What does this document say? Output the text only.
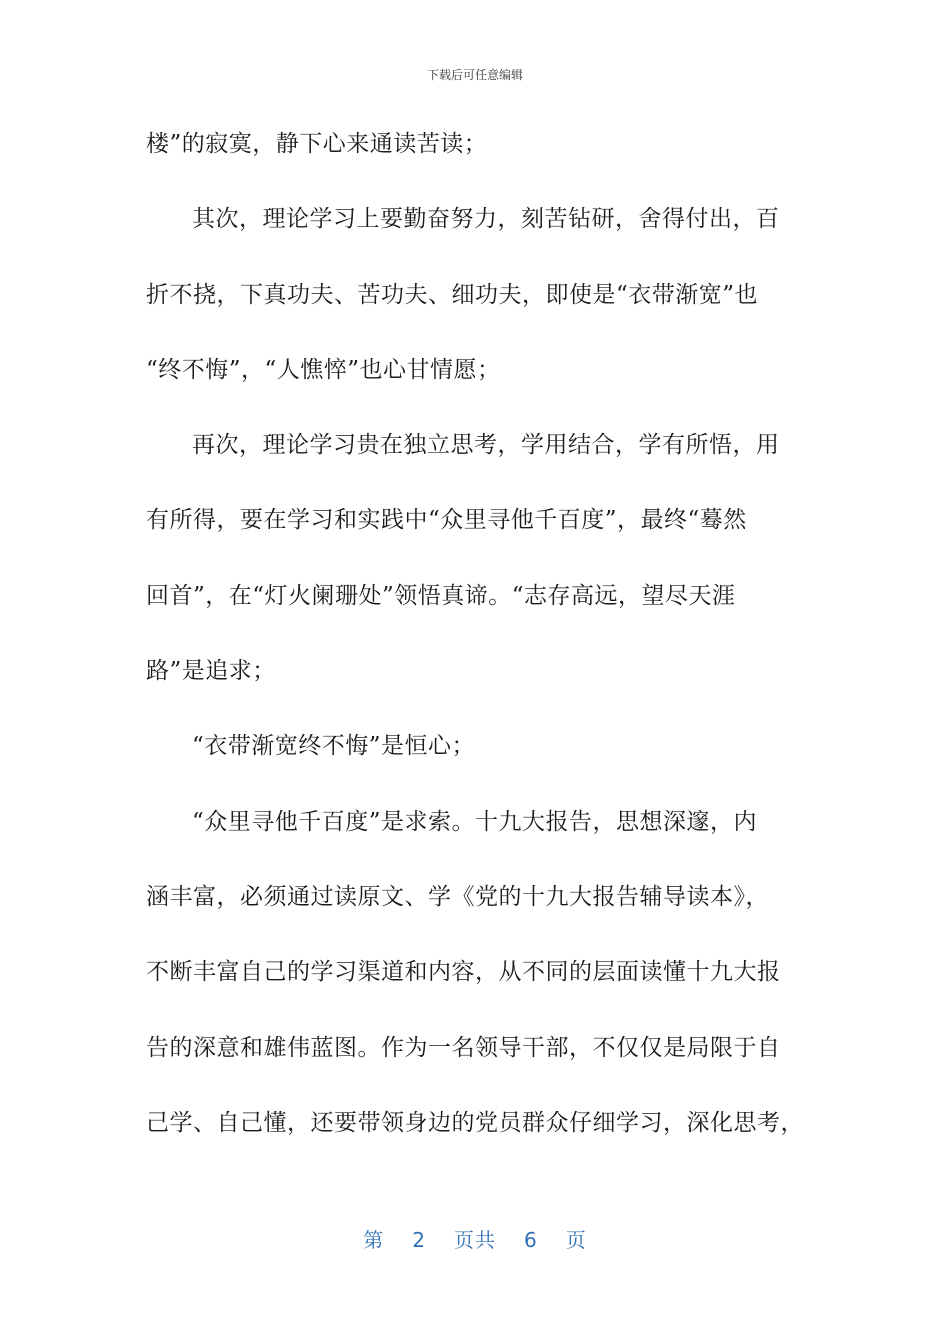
下载后可任意编辑
楼”的寂寞，静下心来通读苦读；
其次，理论学习上要勤奋努力，刻苦钻研，舍得付出，百
折不挠，下真功夫、苦功夫、细功夫，即使是“衣带渐宽”也
“终不悔”，“人憔悴”也心甘情愿；
再次，理论学习贵在独立思考，学用结合，学有所悟，用
有所得，要在学习和实践中“众里寻他千百度”，最终“蓦然
回首”，在“灯火阑珊处”领悟真谛。“志存高远，望尽天涯
路”是追求；
“衣带渐宽终不悔”是恒心；
“众里寻他千百度”是求索。十九大报告，思想深邃，内
涵丰富，必须通过读原文、学《党的十九大报告辅导读本》，
不断丰富自己的学习渠道和内容，从不同的层面读懂十九大报
告的深意和雄伟蓝图。作为一名领导干部，不仅仅是局限于自
己学、自己懂，还要带领身边的党员群众仔细学习，深化思考，
第 2 页共 6 页
